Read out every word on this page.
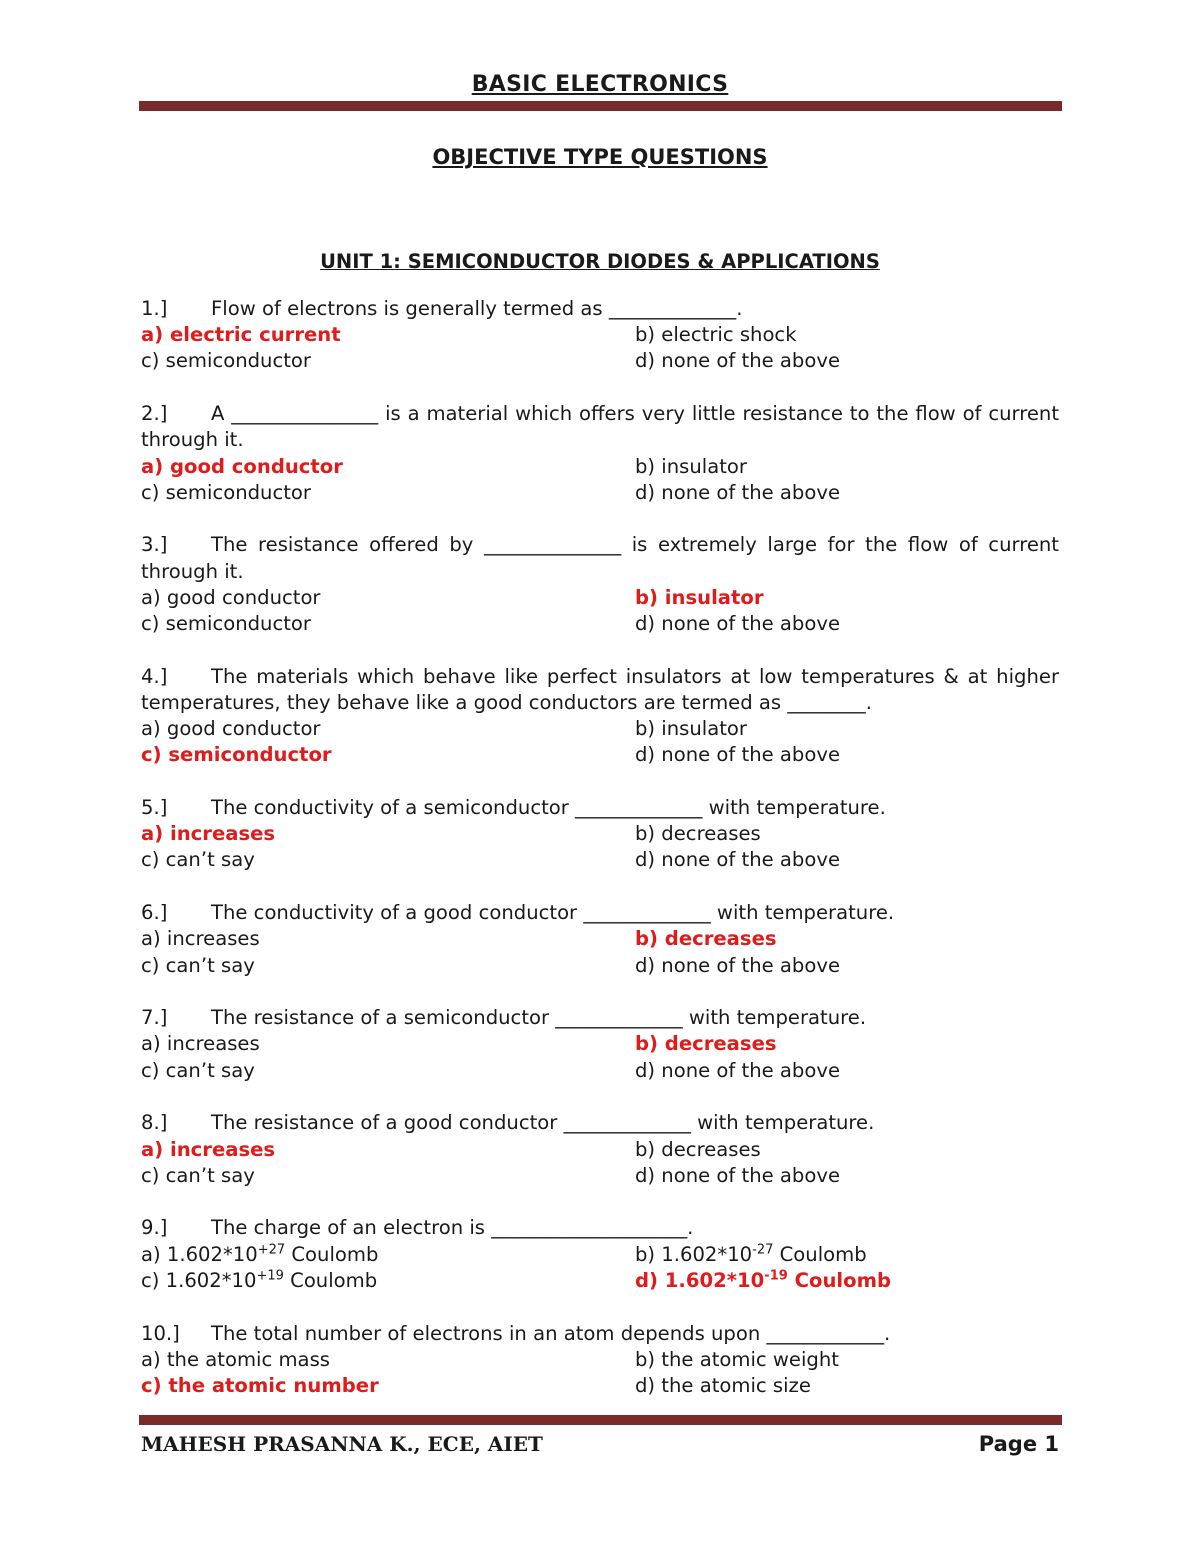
BASIC ELECTRONICS
OBJECTIVE TYPE QUESTIONS
UNIT 1: SEMICONDUCTOR DIODES & APPLICATIONS
1.] Flow of electrons is generally termed as _____________.
a) electric current	b) electric shock
c) semiconductor	d) none of the above
2.] A _______________ is a material which offers very little resistance to the flow of current through it.
a) good conductor	b) insulator
c) semiconductor	d) none of the above
3.] The resistance offered by ______________ is extremely large for the flow of current through it.
a) good conductor	b) insulator
c) semiconductor	d) none of the above
4.] The materials which behave like perfect insulators at low temperatures & at higher temperatures, they behave like a good conductors are termed as ________.
a) good conductor	b) insulator
c) semiconductor	d) none of the above
5.] The conductivity of a semiconductor _____________ with temperature.
a) increases	b) decreases
c) can’t say	d) none of the above
6.] The conductivity of a good conductor _____________ with temperature.
a) increases	b) decreases
c) can’t say	d) none of the above
7.] The resistance of a semiconductor _____________ with temperature.
a) increases	b) decreases
c) can’t say	d) none of the above
8.] The resistance of a good conductor _____________ with temperature.
a) increases	b) decreases
c) can’t say	d) none of the above
9.] The charge of an electron is ____________________.
a) $1.602*10^{+27}$ Coulomb	b) $1.602*10^{-27}$ Coulomb
c) $1.602*10^{+19}$ Coulomb	d) $1.602*10^{-19}$ Coulomb
10.] The total number of electrons in an atom depends upon ____________.
a) the atomic mass	b) the atomic weight
c) the atomic number	d) the atomic size
MAHESH PRASANNA K., ECE, AIET	Page 1
